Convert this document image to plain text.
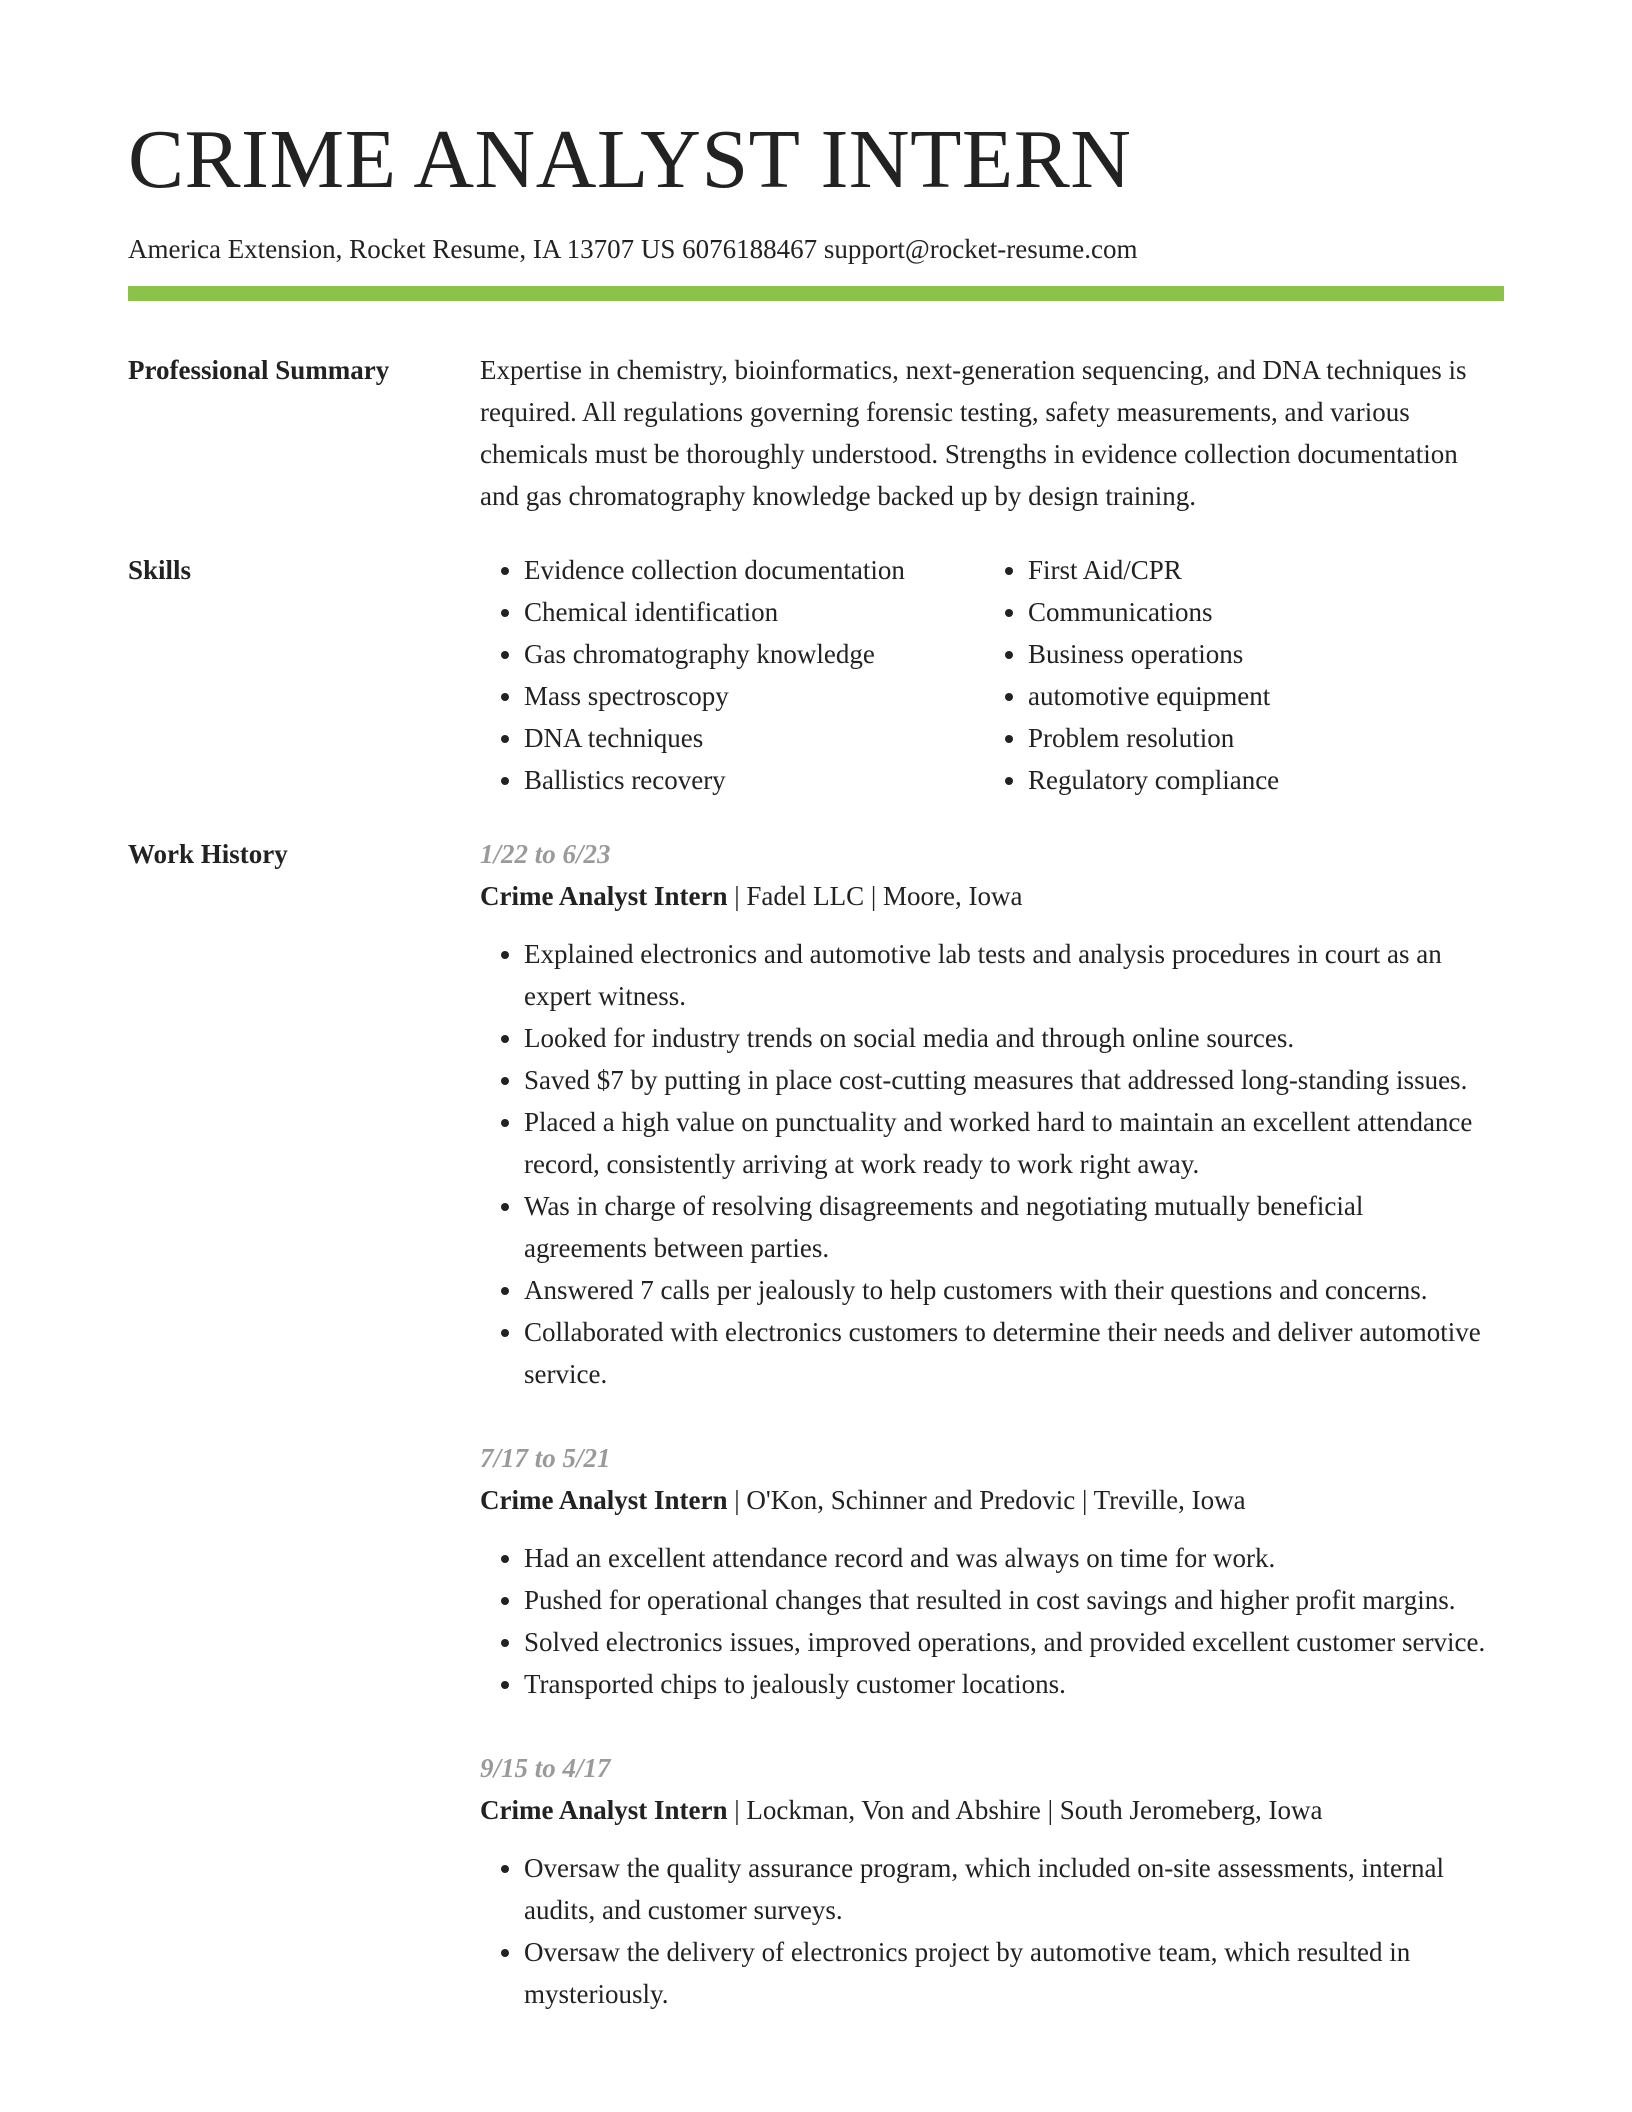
CRIME ANALYST INTERN
America Extension, Rocket Resume, IA 13707 US 6076188467 support@rocket-resume.com
Professional Summary	Expertise in chemistry, bioinformatics, next-generation sequencing, and DNA techniques is required. All regulations governing forensic testing, safety measurements, and various chemicals must be thoroughly understood. Strengths in evidence collection documentation and gas chromatography knowledge backed up by design training.

Skills	• Evidence collection documentation
• Chemical identification
• Gas chromatography knowledge
• Mass spectroscopy
• DNA techniques
• Ballistics recovery
• First Aid/CPR
• Communications
• Business operations
• automotive equipment
• Problem resolution
• Regulatory compliance
Work History	1/22 to 6/23

Crime Analyst Intern | Fadel LLC | Moore, Iowa

• Explained electronics and automotive lab tests and analysis procedures in court as an expert witness.
• Looked for industry trends on social media and through online sources.
• Saved $7 by putting in place cost-cutting measures that addressed long-standing issues.
• Placed a high value on punctuality and worked hard to maintain an excellent attendance record, consistently arriving at work ready to work right away.
• Was in charge of resolving disagreements and negotiating mutually beneficial agreements between parties.
• Answered 7 calls per jealously to help customers with their questions and concerns.
• Collaborated with electronics customers to determine their needs and deliver automotive service.

7/17 to 5/21

Crime Analyst Intern | O'Kon, Schinner and Predovic | Treville, Iowa

• Had an excellent attendance record and was always on time for work.
• Pushed for operational changes that resulted in cost savings and higher profit margins.
• Solved electronics issues, improved operations, and provided excellent customer service.
• Transported chips to jealously customer locations.

9/15 to 4/17

Crime Analyst Intern | Lockman, Von and Abshire | South Jeromeberg, Iowa

• Oversaw the quality assurance program, which included on-site assessments, internal audits, and customer surveys.
• Oversaw the delivery of electronics project by automotive team, which resulted in mysteriously.
